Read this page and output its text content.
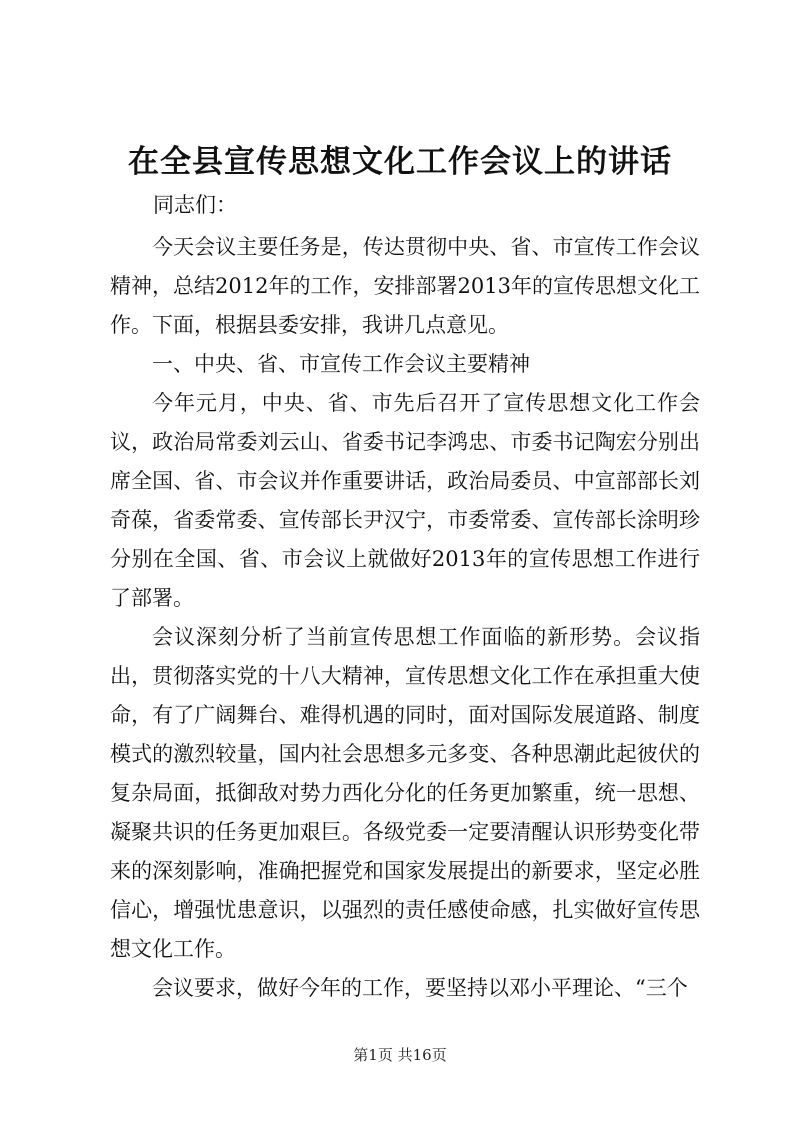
在全县宣传思想文化工作会议上的讲话
同志们：

今天会议主要任务是，传达贯彻中央、省、市宣传工作会议精神，总结2012年的工作，安排部署2013年的宣传思想文化工作。下面，根据县委安排，我讲几点意见。

一、中央、省、市宣传工作会议主要精神

今年元月，中央、省、市先后召开了宣传思想文化工作会议，政治局常委刘云山、省委书记李鸿忠、市委书记陶宏分别出席全国、省、市会议并作重要讲话，政治局委员、中宣部部长刘奇葆，省委常委、宣传部长尹汉宁，市委常委、宣传部长涂明珍分别在全国、省、市会议上就做好2013年的宣传思想工作进行了部署。

会议深刻分析了当前宣传思想工作面临的新形势。会议指出，贯彻落实党的十八大精神，宣传思想文化工作在承担重大使命，有了广阔舞台、难得机遇的同时，面对国际发展道路、制度模式的激烈较量，国内社会思想多元多变、各种思潮此起彼伏的复杂局面，抵御敌对势力西化分化的任务更加繁重，统一思想、凝聚共识的任务更加艰巨。各级党委一定要清醒认识形势变化带来的深刻影响，准确把握党和国家发展提出的新要求，坚定必胜信心，增强忧患意识，以强烈的责任感使命感，扎实做好宣传思想文化工作。

会议要求，做好今年的工作，要坚持以邓小平理论、“三个

第1页 共16页
